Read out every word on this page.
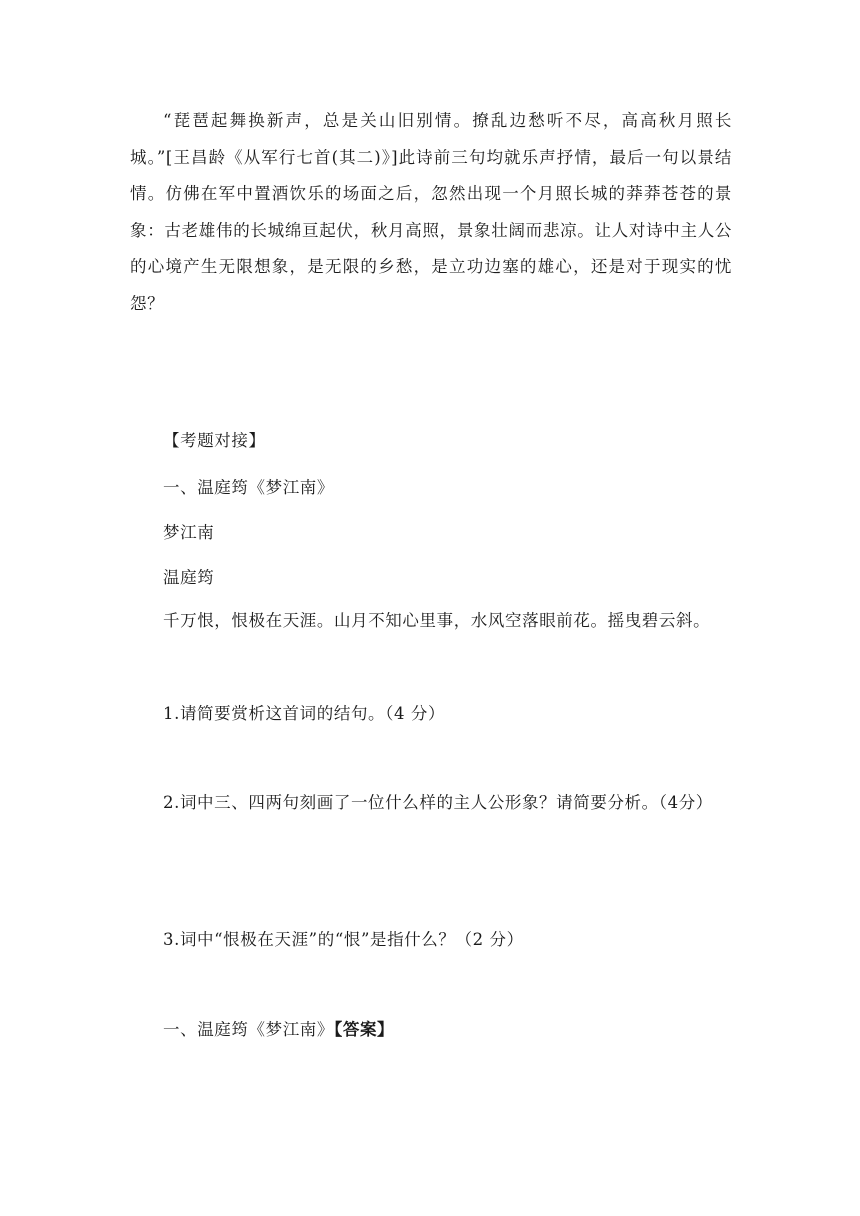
“琵琶起舞换新声，总是关山旧别情。撩乱边愁听不尽，高高秋月照长城。”[王昌龄《从军行七首(其二)》]此诗前三句均就乐声抒情，最后一句以景结情。仿佛在军中置酒饮乐的场面之后，忽然出现一个月照长城的莽莽苍苍的景象：古老雄伟的长城绵亘起伏，秋月高照，景象壮阔而悲凉。让人对诗中主人公的心境产生无限想象，是无限的乡愁，是立功边塞的雄心，还是对于现实的忧怨？

【考题对接】

一、温庭筠《梦江南》

梦江南

温庭筠

千万恨，恨极在天涯。山月不知心里事，水风空落眼前花。摇曳碧云斜。

1.请简要赏析这首词的结句。（4 分）

2.词中三、四两句刻画了一位什么样的主人公形象？请简要分析。（4分）

3.词中“恨极在天涯”的“恨”是指什么？（2 分）

一、温庭筠《梦江南》【答案】
